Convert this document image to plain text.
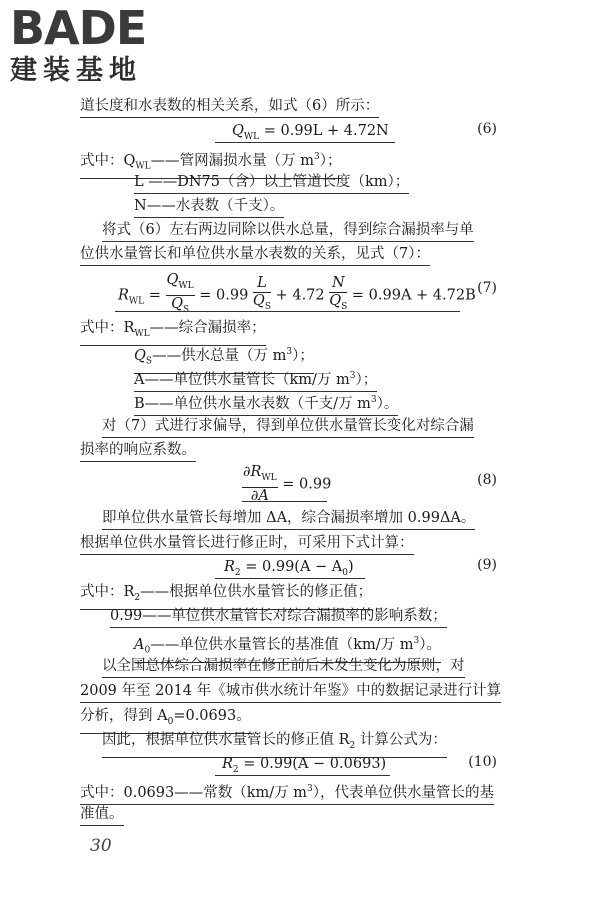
BADE
建装基地
道长度和水表数的相关关系，如式（6）所示：
$Q_{WL} = 0.99L + 4.72N$	(6)
式中：$Q_{WL}——$管网漏损水量（万 $m^3$）；
L ——DN75（含）以上管道长度（km）；
N——水表数（千支）。
将式（6）左右两边同除以供水总量，得到综合漏损率与单
位供水量管长和单位供水量水表数的关系，见式（7）：
$R_{WL} = \frac{Q_{WL}}{Q_S} = 0.99 \frac{L}{Q_S} + 4.72 \frac{N}{Q_S} = 0.99A + 4.72B$ (7)
式中：$R_{WL}——$综合漏损率；
$Q_S——$供水总量（万 $m^3$）；
A——单位供水量管长（km/万 $m^3$）；
B——单位供水量水表数（千支/万 $m^3$）。
对（7）式进行求偏导，得到单位供水量管长变化对综合漏
损率的响应系数。
$\frac{\partial R_{WL}}{\partial A} = 0.99$	(8)
即单位供水量管长每增加 ΔA，综合漏损率增加 0.99ΔA。
根据单位供水量管长进行修正时，可采用下式计算：
$R_2 = 0.99(A - A_0)$	(9)
式中：$R_2——$根据单位供水量管长的修正值；
0.99——单位供水量管长对综合漏损率的影响系数；
$A_0——$单位供水量管长的基准值（km/万 $m^3$）。
以全国总体综合漏损率在修正前后未发生变化为原则，对
2009 年至 2014 年《城市供水统计年鉴》中的数据记录进行计算
分析，得到 $A_0=0.0693$。
因此，根据单位供水量管长的修正值 $R_2$ 计算公式为：
$R_2 = 0.99(A - 0.0693)$	(10)
式中：0.0693——常数（km/万 $m^3$），代表单位供水量管长的基
准值。
30
